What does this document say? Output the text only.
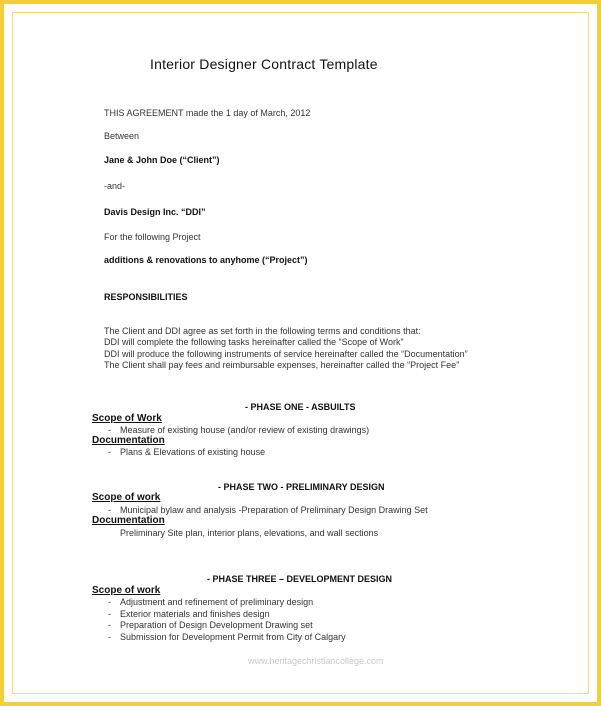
Interior Designer Contract Template
THIS AGREEMENT made the 1 day of March, 2012
Between
Jane & John Doe (“Client”)
-and-
Davis Design Inc. “DDI”
For the following Project
additions & renovations to anyhome (“Project”)
RESPONSIBILITIES
The Client and DDI agree as set forth in the following terms and conditions that:
DDI will complete the following tasks hereinafter called the “Scope of Work”
DDI will produce the following instruments of service hereinafter called the “Documentation”
The Client shall pay fees and reimbursable expenses, hereinafter called the “Project Fee”
- PHASE ONE - ASBUILTS
Scope of Work
- Measure of existing house (and/or review of existing drawings)
Documentation
- Plans & Elevations of existing house
- PHASE TWO - PRELIMINARY DESIGN
Scope of work
- Municipal bylaw and analysis -Preparation of Preliminary Design Drawing Set
Documentation
Preliminary Site plan, interior plans, elevations, and wall sections
- PHASE THREE – DEVELOPMENT DESIGN
Scope of work
- Adjustment and refinement of preliminary design
- Exterior materials and finishes design
- Preparation of Design Development Drawing set
- Submission for Development Permit from City of Calgary
www.heritagechristiancollege.com
